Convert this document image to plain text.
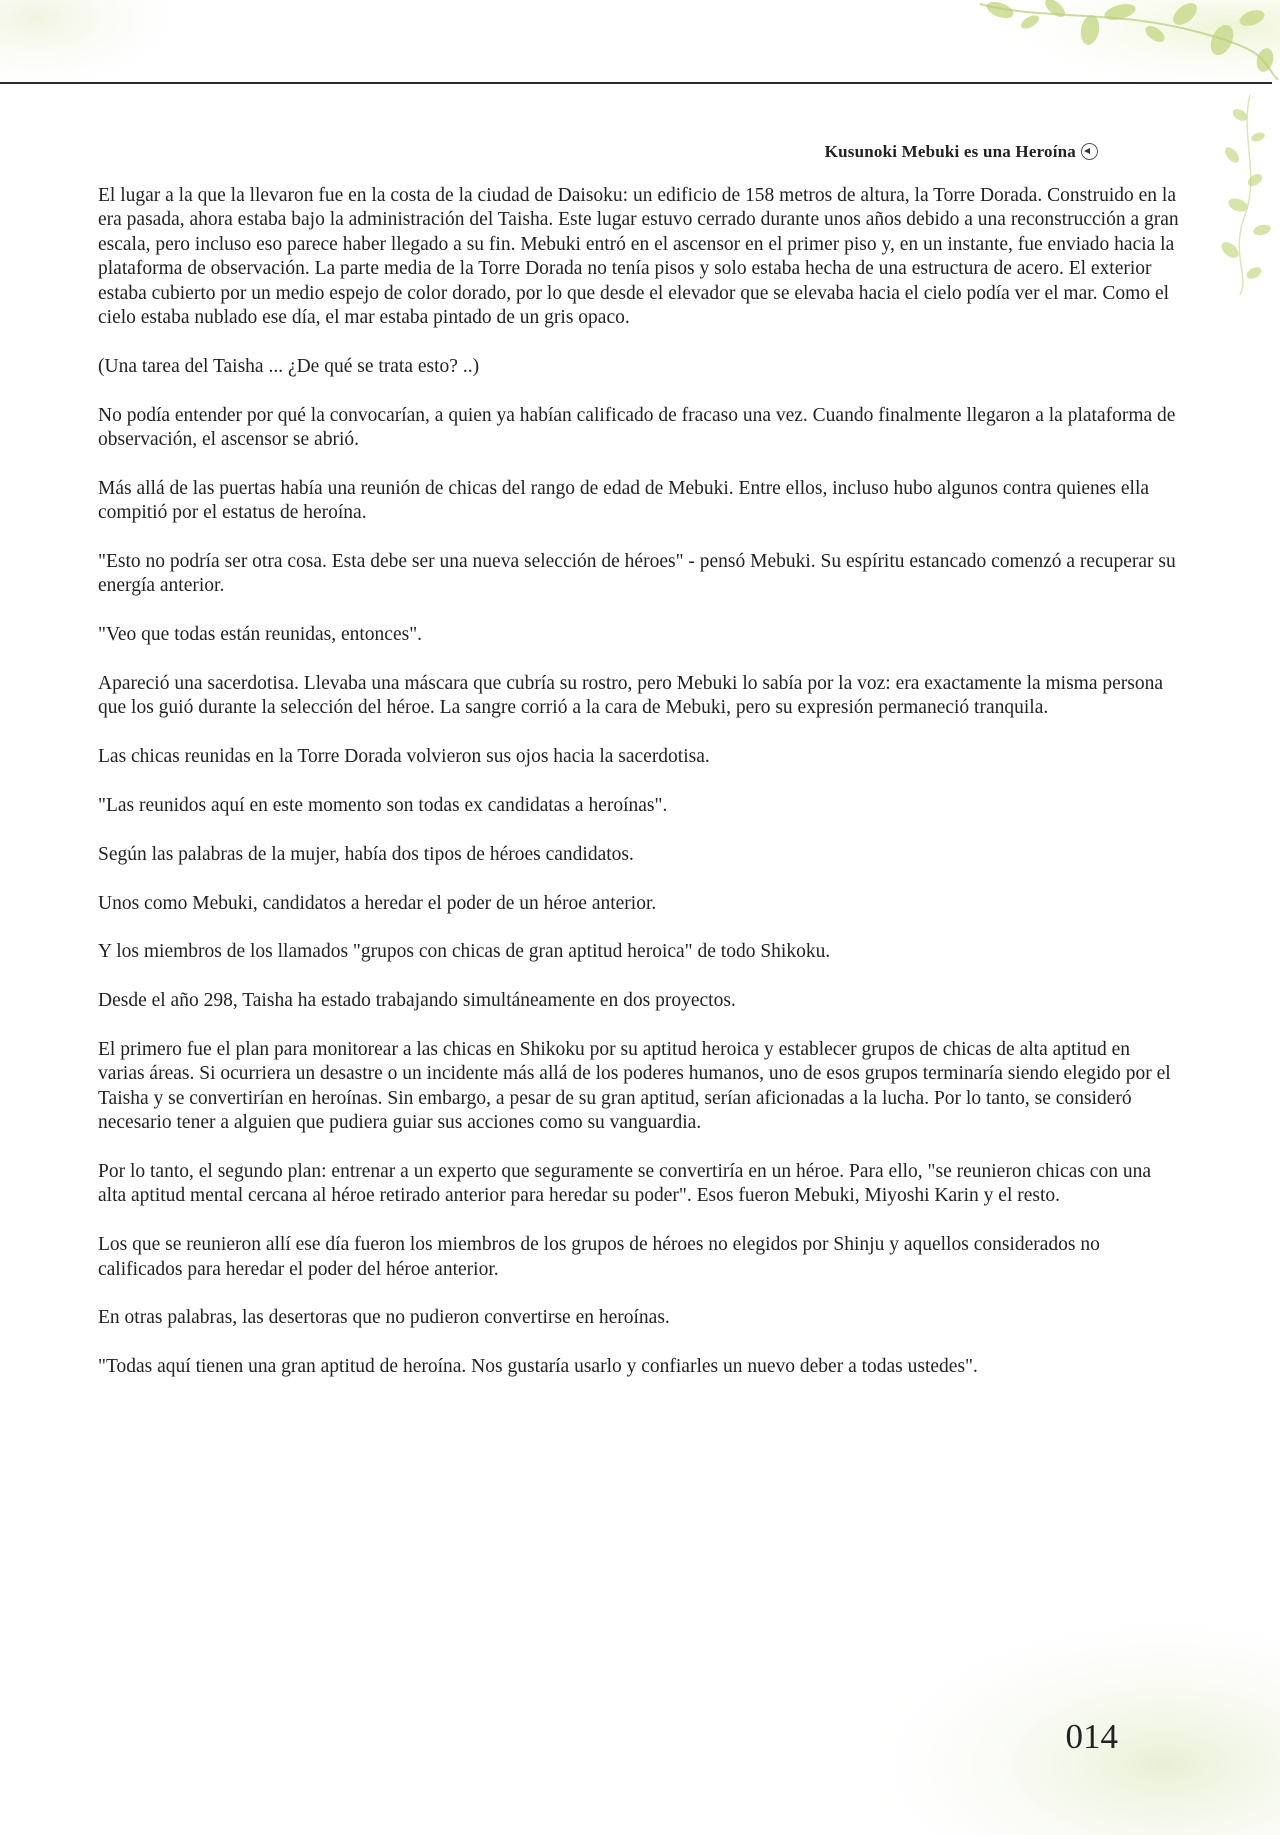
Kusunoki Mebuki es una Heroína

El lugar a la que la llevaron fue en la costa de la ciudad de Daisoku: un edificio de 158 metros de altura, la Torre Dorada. Construido en la era pasada, ahora estaba bajo la administración del Taisha. Este lugar estuvo cerrado durante unos años debido a una reconstrucción a gran escala, pero incluso eso parece haber llegado a su fin. Mebuki entró en el ascensor en el primer piso y, en un instante, fue enviado hacia la plataforma de observación. La parte media de la Torre Dorada no tenía pisos y solo estaba hecha de una estructura de acero. El exterior estaba cubierto por un medio espejo de color dorado, por lo que desde el elevador que se elevaba hacia el cielo podía ver el mar. Como el cielo estaba nublado ese día, el mar estaba pintado de un gris opaco.

(Una tarea del Taisha ... ¿De qué se trata esto? ..)

No podía entender por qué la convocarían, a quien ya habían calificado de fracaso una vez. Cuando finalmente llegaron a la plataforma de observación, el ascensor se abrió.

Más allá de las puertas había una reunión de chicas del rango de edad de Mebuki. Entre ellos, incluso hubo algunos contra quienes ella compitió por el estatus de heroína.

"Esto no podría ser otra cosa. Esta debe ser una nueva selección de héroes" - pensó Mebuki. Su espíritu estancado comenzó a recuperar su energía anterior.

"Veo que todas están reunidas, entonces".

Apareció una sacerdotisa. Llevaba una máscara que cubría su rostro, pero Mebuki lo sabía por la voz: era exactamente la misma persona que los guió durante la selección del héroe. La sangre corrió a la cara de Mebuki, pero su expresión permaneció tranquila.

Las chicas reunidas en la Torre Dorada volvieron sus ojos hacia la sacerdotisa.

"Las reunidos aquí en este momento son todas ex candidatas a heroínas".

Según las palabras de la mujer, había dos tipos de héroes candidatos.

Unos como Mebuki, candidatos a heredar el poder de un héroe anterior.

Y los miembros de los llamados "grupos con chicas de gran aptitud heroica" de todo Shikoku.

Desde el año 298, Taisha ha estado trabajando simultáneamente en dos proyectos.

El primero fue el plan para monitorear a las chicas en Shikoku por su aptitud heroica y establecer grupos de chicas de alta aptitud en varias áreas. Si ocurriera un desastre o un incidente más allá de los poderes humanos, uno de esos grupos terminaría siendo elegido por el Taisha y se convertirían en heroínas. Sin embargo, a pesar de su gran aptitud, serían aficionadas a la lucha. Por lo tanto, se consideró necesario tener a alguien que pudiera guiar sus acciones como su vanguardia.

Por lo tanto, el segundo plan: entrenar a un experto que seguramente se convertiría en un héroe. Para ello, "se reunieron chicas con una alta aptitud mental cercana al héroe retirado anterior para heredar su poder". Esos fueron Mebuki, Miyoshi Karin y el resto.

Los que se reunieron allí ese día fueron los miembros de los grupos de héroes no elegidos por Shinju y aquellos considerados no calificados para heredar el poder del héroe anterior.

En otras palabras, las desertoras que no pudieron convertirse en heroínas.

"Todas aquí tienen una gran aptitud de heroína. Nos gustaría usarlo y confiarles un nuevo deber a todas ustedes".

014
